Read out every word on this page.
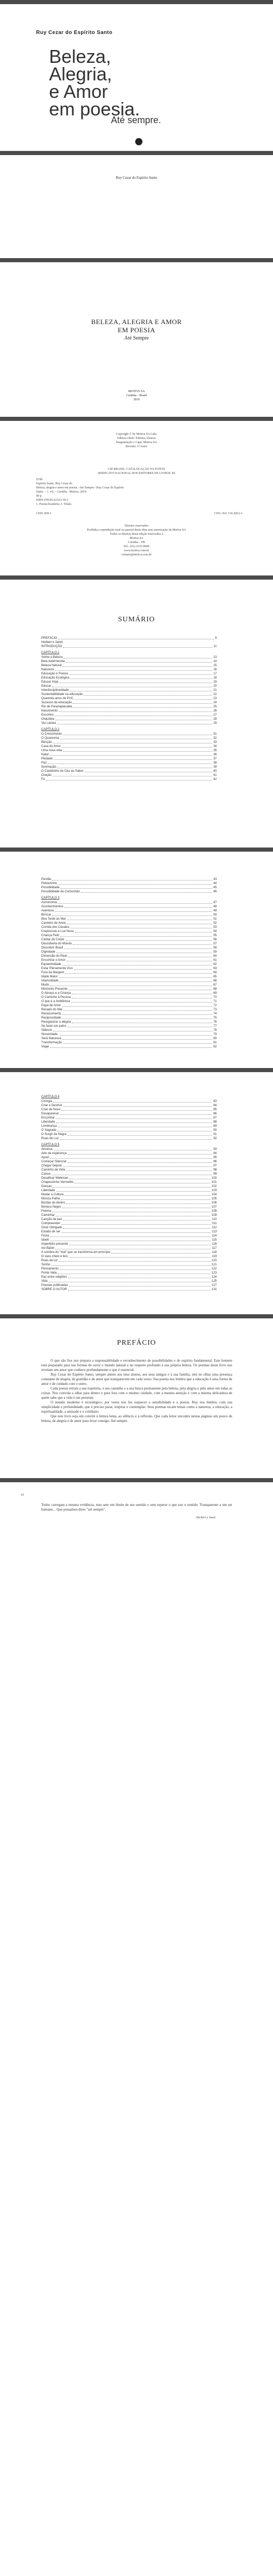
Ruy Cezar do Espírito Santo
Beleza,
Alegria,
e Amor
em poesia.
Até sempre.
Ruy Cezar do Espírito Santo
BELEZA, ALEGRIA E AMOR
EM POESIA
Até Sempre
MOTIVA SA
Curitiba – Brasil
2019
Copyright © by Motiva SA Ltda.
Editora-chefe: Palmira Alencar
Diagramação e Capa: Motiva SA
Revisão: O Autor
CIP-BRASIL. CATALOGAÇÃO NA FONTE
SINDICATO NACIONAL DOS EDITORES DE LIVROS, RJ
S19b
Espírito Santo, Ruy Cezar do
Beleza, alegria e amor em poesia : Até Sempre / Ruy Cezar do Espírito
Santo. – 1. ed. – Curitiba : Motiva, 2019.
90 p.
ISBN 978-85-62323-30-5
1. Poesia brasileira. I. Título.
CDD: 869.1	CDU: 821.134.3(81)-1
Direitos reservados
Proibida a reprodução total ou parcial desta obra sem autorização da Motiva SA
Todos os direitos desta edição reservados à
Motiva SA
Curitiba – PR
Tel.: (41) 3333-0000
www.motiva.com.br
contato@motiva.com.br
SUMÁRIO
PREFÁCIO	9
Herbert e Janet
INTRODUÇÃO	11
CAPÍTULO 1
Sobre a Beleza	13
Bela Adormecida	14
Beleza Natural	15
Natureza	16
Educação e Poesia	17
Educação Ecológica	18
Educar Hoje	19
Educar	20
Interdisciplinaridade	21
Sustentabilidade na educação	22
Quarenta anos de PUC	23
Sucesso da educação	24
Rio de Paranapiacaba	25
Nascimento	26
Encontro	27
Orquídea	28
Via Láctea	29
CAPÍTULO 2
O Crescimento	31
O Quaresma	32
Bênção	33
Casa do Amor	34
Uma nova vida	35
Natal	36
Piedade	37
Paz	38
Iluminação	39
O Castelinho do Céu ao Sabor	40
Oração	41
Fé	42
Perdão	43
Pobrezinho	44
Possibilidade	45
Possibilidade de Comunhão	46
CAPÍTULO 3
Astronomia	47
Acontecimentos	48
Aventura	49
Brincar	50
Boa Tarde ao Mar	51
Castelos de Areia	52
Corrida dos Cavalos	53
Crepúsculo e Lua Nova	54
Criança Feliz	55
Cantar do Corpo	56
Descoberta do Mundo	57
Descobrir Brasil	58
Dignidade	59
Dimensão do Real	60
Encontrar o Amor	61
Equanimidade	62
Estar Plenamente Vivo	63
Fora da Margem	64
Idade Maior	65
Interioridade	66
Mudo	67
Momento Presente	68
O Abraço e a Criança	69
O Caminho à Pessoa	70
O que é a Ambiência	71
Papa de Amor	72
Recado do Mar	73
Renascimento	74
Reciprocidade	75
Reorganizar a alegria	76
Se fazer um palco	77
Silêncio	78
Sinceridade	79
Será Natureza	80
Transformação	81
Viajar	82
CAPÍTULO 4
Cirurgia	83
Criar e Destruir	84
Criar de Novo	85
Desaparecer	86
Encontrar	87
Liberdade	88
Lembrança	89
O Sagrado	90
O Surgir da Negra	91
Ruas de Luz	92
CAPÍTULO 5
Ahuiosa	93
Arte da esperança	94
Ayuel	95
Começar Silenciar	96
Chegar Depois	97
Caminho de Vida	98
Canoa	99
Desafinar Walkman	100
Chapeuzinho Vermelho	101
Danças	102
Liberdade	103
Mudar a Cultura	104
Música Palha	105
Bordas do dentro	106
Boneco Negro	107
Poema	108
Caminhar	109
Canção da paz	110
Compreender	111
Dizer Obrigado	112
Estado de ser	113
Festa	114
Idade	115
Imperfeito presente	116
Ino Balon	117
A sombra do "mal" que se transforma em princípio	118
O vaso cheio e leio	119
Ruas de luz	120
Sonho	121
Pensamento	122
Ponte Valiu	123
Paz entre religiões	124
Vida	125
Poesias publicadas	127
SOBRE O AUTOR	131
PREFÁCIO

O que são fios nos prepara a responsabilidade e reconhecimento de possibilidades e do espírito fundamental. Este homem está preparado para nas formas de ouvir o mundo natural e no respeito profundo à sua própria beleza. Os poemas deste livro nos revelam um autor que conhece profundamente o que é essencial.

Ruy Cezar do Espírito Santo, sempre atento aos seus alunos, aos seus amigos e à sua família, tem no olhar uma presença constante de alegria, de gratidão e de amor que transparecem em cada verso. Sua poesia nos lembra que a educação é uma forma de amor e de cuidado com o outro.

Cada poesia retrata a sua trajetória, o seu caminho e a sua busca permanente pela beleza, pela alegria e pelo amor em todas as coisas. Nos convida a olhar para dentro e para fora com o mesmo cuidado, com a mesma atenção e com a mesma delicadeza de quem sabe que a vida é um presente.

O mundo moderno é tecnológico, por vezes nos faz esquecer a sensibilidade e a poesia. Ruy nos lembra, com sua simplicidade e profundidade, que é preciso parar, respirar e contemplar. Seus poemas tocam temas como a natureza, a educação, a espiritualidade, a amizade e o cotidiano.

Que este livro seja um convite à leitura lenta, ao silêncio e à reflexão. Que cada leitor encontre nestas páginas um pouco de beleza, de alegria e de amor para levar consigo. Até sempre.

10
Todos carregam a mesma evidência, mas sem um limite de seu sentido e sem esperar o que sou o sentido. Transparente a um ser humano... Que possamos dizer "até sempre".
Herbert e Janet
